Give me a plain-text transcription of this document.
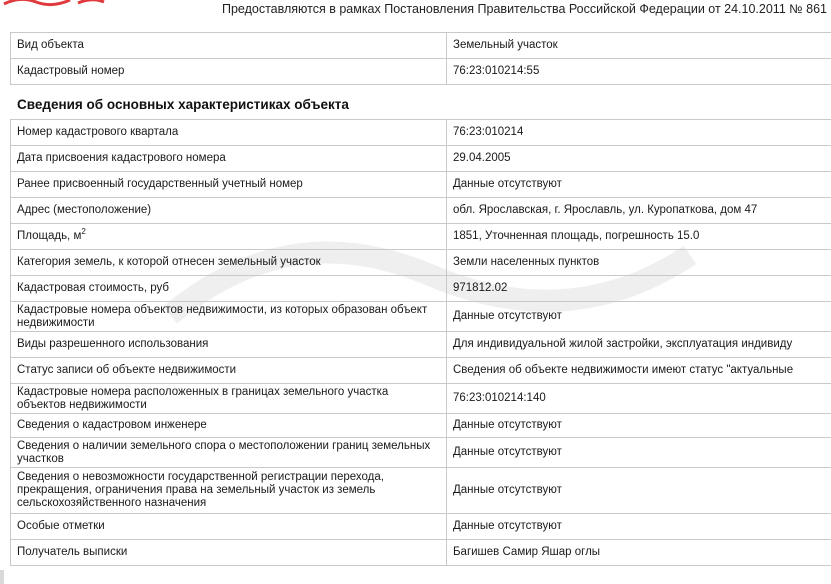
Предоставляются в рамках Постановления Правительства Российской Федерации от 24.10.2011 № 861
Вид объекта	Земельный участок
Кадастровый номер	76:23:010214:55
Сведения об основных характеристиках объекта
Номер кадастрового квартала	76:23:010214
Дата присвоения кадастрового номера	29.04.2005
Ранее присвоенный государственный учетный номер	Данные отсутствуют
Адрес (местоположение)	обл. Ярославская, г. Ярославль, ул. Куропаткова, дом 47
Площадь, $м^2$	1851, Уточненная площадь, погрешность 15.0
Категория земель, к которой отнесен земельный участок	Земли населенных пунктов
Кадастровая стоимость, руб	971812.02
Кадастровые номера объектов недвижимости, из которых образован объект недвижимости	Данные отсутствуют
Виды разрешенного использования	Для индивидуальной жилой застройки, эксплуатация индивиду
Статус записи об объекте недвижимости	Сведения об объекте недвижимости имеют статус "актуальные
Кадастровые номера расположенных в границах земельного участка объектов недвижимости	76:23:010214:140
Сведения о кадастровом инженере	Данные отсутствуют
Сведения о наличии земельного спора о местоположении границ земельных участков	Данные отсутствуют
Сведения о невозможности государственной регистрации перехода, прекращения, ограничения права на земельный участок из земель сельскохозяйственного назначения	Данные отсутствуют
Особые отметки	Данные отсутствуют
Получатель выписки	Багишев Самир Яшар оглы
